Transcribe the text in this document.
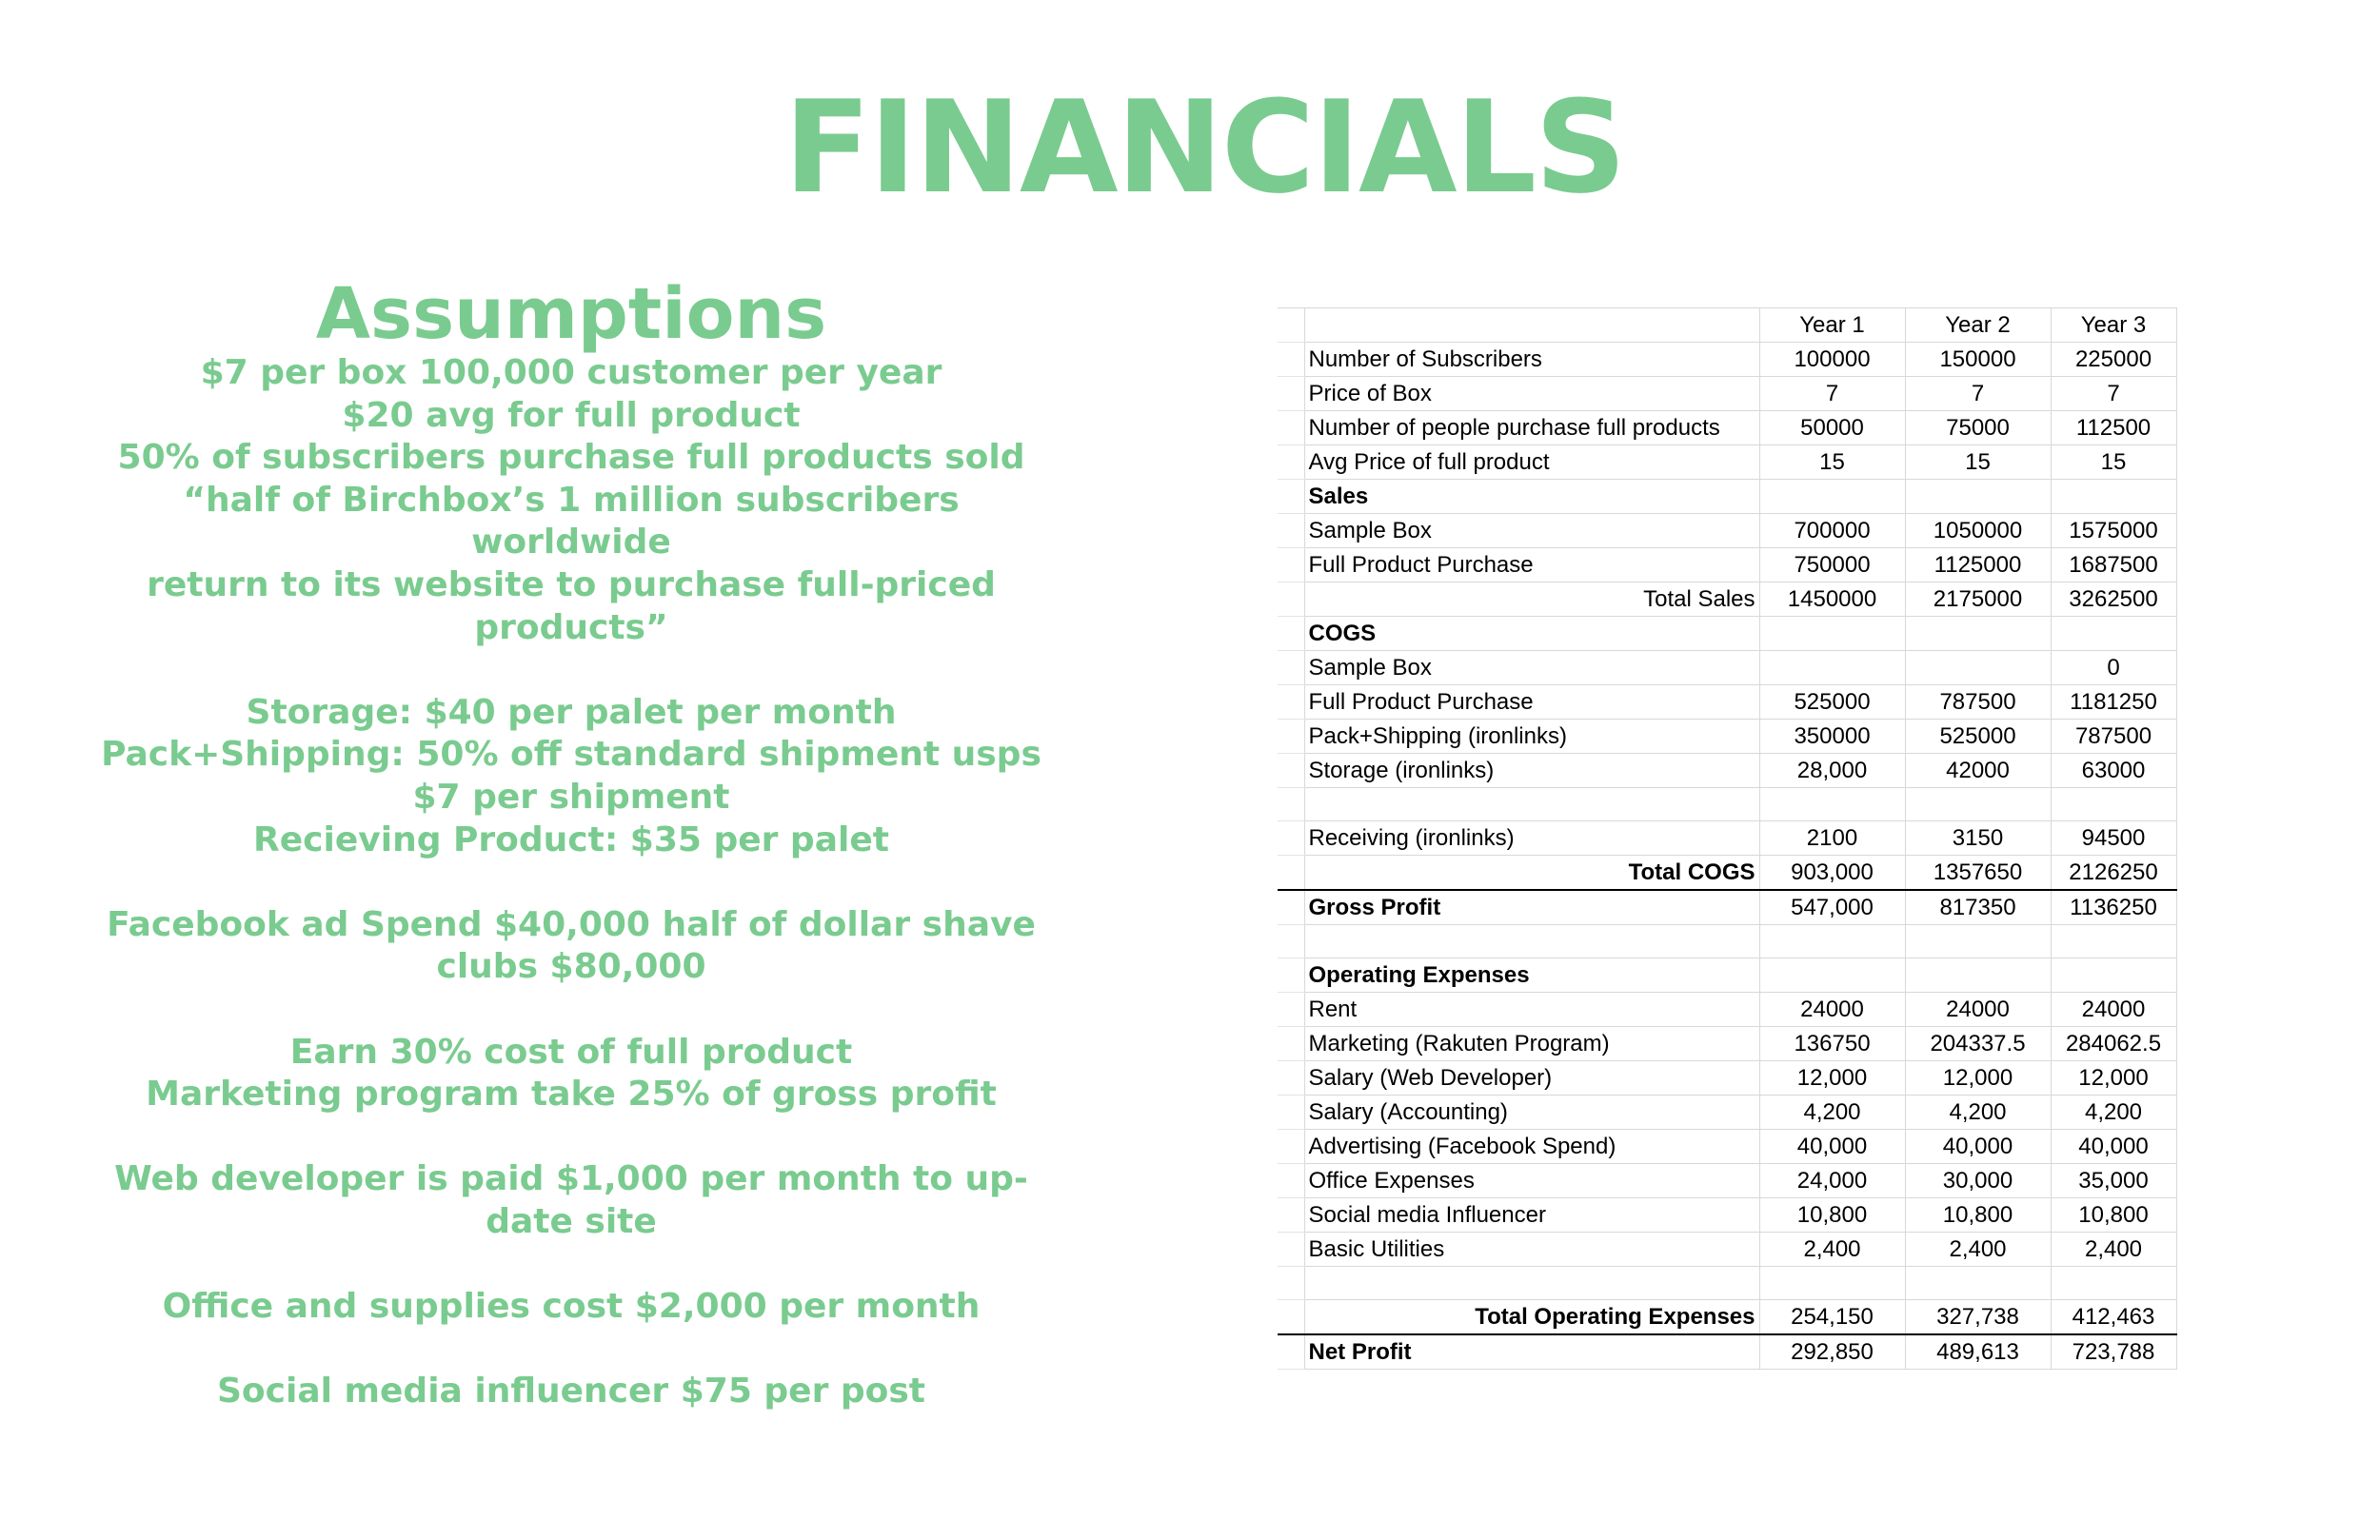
FINANCIALS
Assumptions
$7 per box 100,000 customer per year
$20 avg for full product
50% of subscribers purchase full products sold
“half of Birchbox’s 1 million subscribers worldwide
return to its website to purchase full-priced
products”
Storage: $40 per palet per month
Pack+Shipping: 50% off standard shipment usps
$7 per shipment
Recieving Product: $35 per palet
Facebook ad Spend $40,000 half of dollar shave
clubs $80,000
Earn 30% cost of full product
Marketing program take 25% of gross profit
Web developer is paid $1,000 per month to up-
date site
Office and supplies cost $2,000 per month
Social media influencer $75 per post
		Year 1	Year 2	Year 3
	Number of Subscribers	100000	150000	225000
	Price of Box	7	7	7
	Number of people purchase full products	50000	75000	112500
	Avg Price of full product	15	15	15
	Sales			
	Sample Box	700000	1050000	1575000
	Full Product Purchase	750000	1125000	1687500
	Total Sales	1450000	2175000	3262500
	COGS			
	Sample Box			0
	Full Product Purchase	525000	787500	1181250
	Pack+Shipping (ironlinks)	350000	525000	787500
	Storage (ironlinks)	28,000	42000	63000

	Receiving (ironlinks)	2100	3150	94500
	Total COGS	903,000	1357650	2126250
	Gross Profit	547,000	817350	1136250

	Operating Expenses			
	Rent	24000	24000	24000
	Marketing (Rakuten Program)	136750	204337.5	284062.5
	Salary (Web Developer)	12,000	12,000	12,000
	Salary (Accounting)	4,200	4,200	4,200
	Advertising (Facebook Spend)	40,000	40,000	40,000
	Office Expenses	24,000	30,000	35,000
	Social media Influencer	10,800	10,800	10,800
	Basic Utilities	2,400	2,400	2,400

	Total Operating Expenses	254,150	327,738	412,463
	Net Profit	292,850	489,613	723,788
